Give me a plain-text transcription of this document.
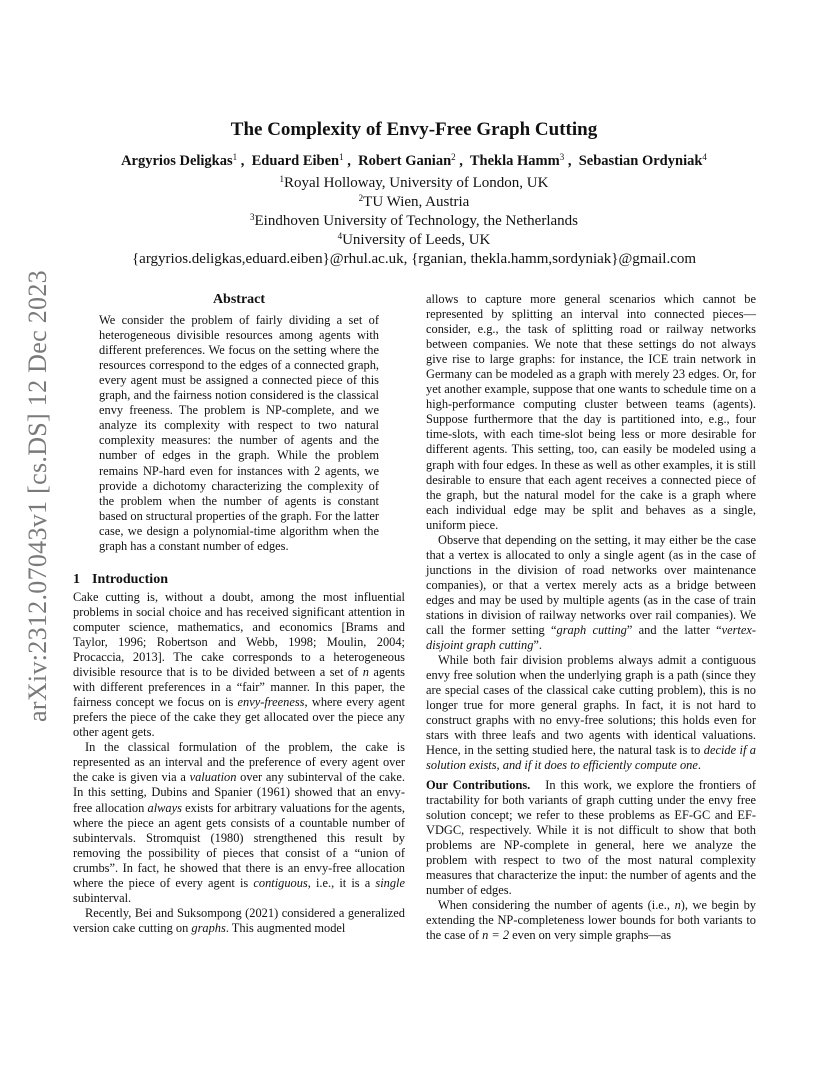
arXiv:2312.07043v1 [cs.DS] 12 Dec 2023
The Complexity of Envy-Free Graph Cutting
Argyrios Deligkas$^1$ ,  Eduard Eiben$^1$ ,  Robert Ganian$^2$ ,  Thekla Hamm$^3$ ,  Sebastian Ordyniak$^4$
$^1$Royal Holloway, University of London, UK
$^2$TU Wien, Austria
$^3$Eindhoven University of Technology, the Netherlands
$^4$University of Leeds, UK
{argyrios.deligkas,eduard.eiben}@rhul.ac.uk, {rganian, thekla.hamm,sordyniak}@gmail.com
Abstract

We consider the problem of fairly dividing a set of heterogeneous divisible resources among agents with different preferences. We focus on the setting where the resources correspond to the edges of a connected graph, every agent must be assigned a connected piece of this graph, and the fairness notion considered is the classical envy freeness. The problem is NP-complete, and we analyze its complexity with respect to two natural complexity measures: the number of agents and the number of edges in the graph. While the problem remains NP-hard even for instances with 2 agents, we provide a dichotomy characterizing the complexity of the problem when the number of agents is constant based on structural properties of the graph. For the latter case, we design a polynomial-time algorithm when the graph has a constant number of edges.

1 Introduction

Cake cutting is, without a doubt, among the most influential problems in social choice and has received significant attention in computer science, mathematics, and economics [Brams and Taylor, 1996; Robertson and Webb, 1998; Moulin, 2004; Procaccia, 2013]. The cake corresponds to a heterogeneous divisible resource that is to be divided between a set of n agents with different preferences in a “fair” manner. In this paper, the fairness concept we focus on is envy-freeness, where every agent prefers the piece of the cake they get allocated over the piece any other agent gets.

In the classical formulation of the problem, the cake is represented as an interval and the preference of every agent over the cake is given via a valuation over any subinterval of the cake. In this setting, Dubins and Spanier (1961) showed that an envy-free allocation always exists for arbitrary valuations for the agents, where the piece an agent gets consists of a countable number of subintervals. Stromquist (1980) strengthened this result by removing the possibility of pieces that consist of a “union of crumbs”. In fact, he showed that there is an envy-free allocation where the piece of every agent is contiguous, i.e., it is a single subinterval.

Recently, Bei and Suksompong (2021) considered a generalized version cake cutting on graphs. This augmented model

allows to capture more general scenarios which cannot be represented by splitting an interval into connected pieces—consider, e.g., the task of splitting road or railway networks between companies. We note that these settings do not always give rise to large graphs: for instance, the ICE train network in Germany can be modeled as a graph with merely 23 edges. Or, for yet another example, suppose that one wants to schedule time on a high-performance computing cluster between teams (agents). Suppose furthermore that the day is partitioned into, e.g., four time-slots, with each time-slot being less or more desirable for different agents. This setting, too, can easily be modeled using a graph with four edges. In these as well as other examples, it is still desirable to ensure that each agent receives a connected piece of the graph, but the natural model for the cake is a graph where each individual edge may be split and behaves as a single, uniform piece.

Observe that depending on the setting, it may either be the case that a vertex is allocated to only a single agent (as in the case of junctions in the division of road networks over maintenance companies), or that a vertex merely acts as a bridge between edges and may be used by multiple agents (as in the case of train stations in division of railway networks over rail companies). We call the former setting “graph cutting” and the latter “vertex-disjoint graph cutting”.

While both fair division problems always admit a contiguous envy free solution when the underlying graph is a path (since they are special cases of the classical cake cutting problem), this is no longer true for more general graphs. In fact, it is not hard to construct graphs with no envy-free solutions; this holds even for stars with three leafs and two agents with identical valuations. Hence, in the setting studied here, the natural task is to decide if a solution exists, and if it does to efficiently compute one.

Our Contributions. In this work, we explore the frontiers of tractability for both variants of graph cutting under the envy free solution concept; we refer to these problems as EF-GC and EF-VDGC, respectively. While it is not difficult to show that both problems are NP-complete in general, here we analyze the problem with respect to two of the most natural complexity measures that characterize the input: the number of agents and the number of edges.

When considering the number of agents (i.e., n), we begin by extending the NP-completeness lower bounds for both variants to the case of n = 2 even on very simple graphs—as
